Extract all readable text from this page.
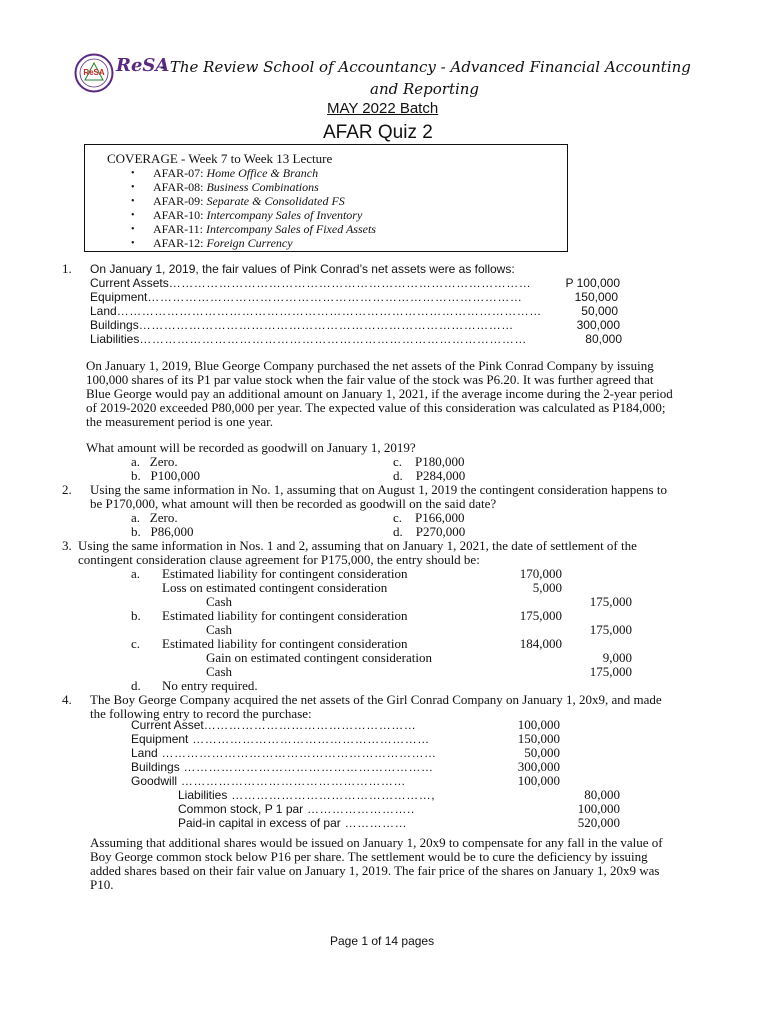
ReSA ReSA
- The Review School of Accountancy - Advanced Financial Accounting
and Reporting
MAY 2022 Batch
AFAR Quiz 2
COVERAGE - Week 7 to Week 13 Lecture
• AFAR-07: Home Office & Branch
• AFAR-08: Business Combinations
• AFAR-09: Separate & Consolidated FS
• AFAR-10: Intercompany Sales of Inventory
• AFAR-11: Intercompany Sales of Fixed Assets
• AFAR-12: Foreign Currency
1. On January 1, 2019, the fair values of Pink Conrad’s net assets were as follows:
Current Assets……………………………………………………………………………	P 100,000
Equipment………………………………………………………………………………	150,000
Land…………………………………………………………………………………………	50,000
Buildings………………………………………………………………………………	300,000
Liabilities…………………………………………………………………………………	80,000
On January 1, 2019, Blue George Company purchased the net assets of the Pink Conrad Company by issuing
100,000 shares of its P1 par value stock when the fair value of the stock was P6.20. It was further agreed that
Blue George would pay an additional amount on January 1, 2021, if the average income during the 2-year period
of 2019-2020 exceeded P80,000 per year. The expected value of this consideration was calculated as P184,000;
the measurement period is one year.
What amount will be recorded as goodwill on January 1, 2019?
a. Zero.	c. P180,000
b. P100,000	d. P284,000
2. Using the same information in No. 1, assuming that on August 1, 2019 the contingent consideration happens to
be P170,000, what amount will then be recorded as goodwill on the said date?
a. Zero.	c. P166,000
b. P86,000	d. P270,000
3. Using the same information in Nos. 1 and 2, assuming that on January 1, 2021, the date of settlement of the
contingent consideration clause agreement for P175,000, the entry should be:
a. Estimated liability for contingent consideration	170,000
Loss on estimated contingent consideration	5,000
Cash	175,000
b. Estimated liability for contingent consideration	175,000
Cash	175,000
c. Estimated liability for contingent consideration	184,000
Gain on estimated contingent consideration	9,000
Cash	175,000
d. No entry required.
4. The Boy George Company acquired the net assets of the Girl Conrad Company on January 1, 20x9, and made
the following entry to record the purchase:
Current Asset……………………………………………	100,000
Equipment …………………………………………………	150,000
Land …………………………………………………………	50,000
Buildings ……………………………………………………	300,000
Goodwill ………………………………………………	100,000
Liabilities …………………………………………,	80,000
Common stock, P 1 par ……………………..	100,000
Paid-in capital in excess of par ……………	520,000
Assuming that additional shares would be issued on January 1, 20x9 to compensate for any fall in the value of
Boy George common stock below P16 per share. The settlement would be to cure the deficiency by issuing
added shares based on their fair value on January 1, 2019. The fair price of the shares on January 1, 20x9 was
P10.
Page 1 of 14 pages
